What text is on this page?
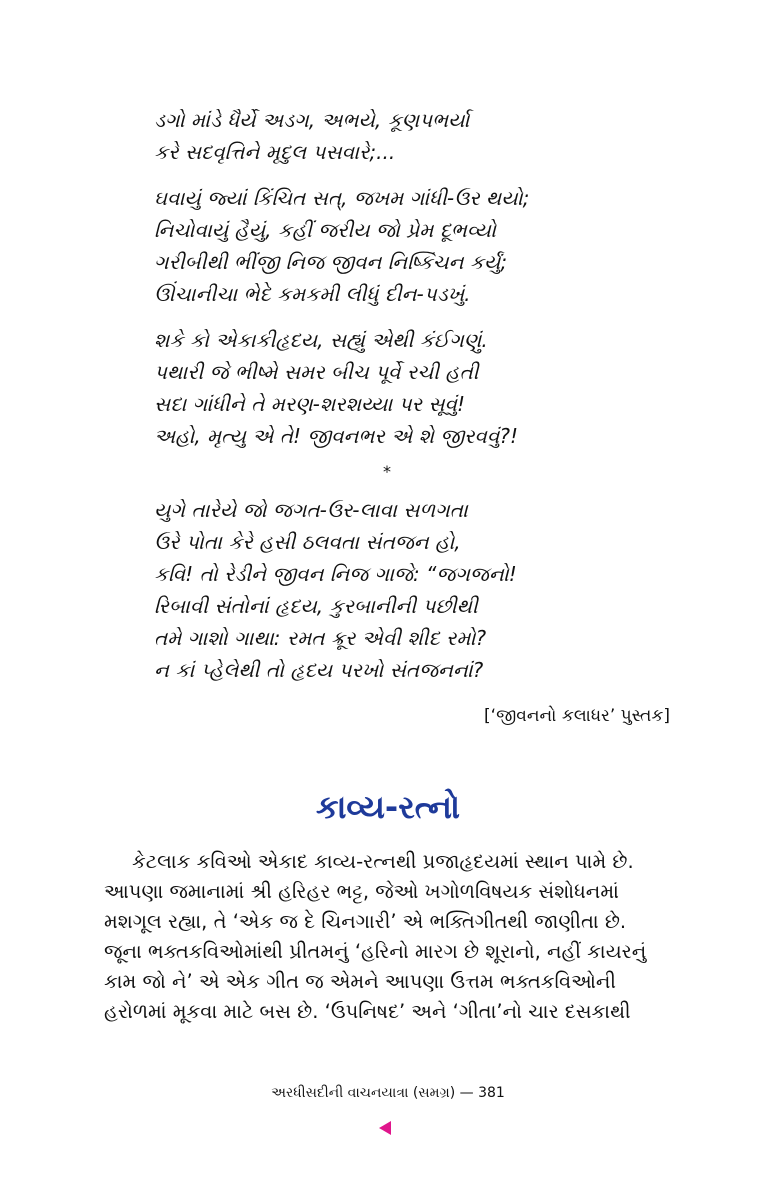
ડગો માંડે ધૈર્યે અડગ, અભયે, કૂણપભર્યા
કરે સદવૃત્તિને મૃદુલ પસવારે;...
ઘવાયું જ્યાં કિંચિત સત્, જખમ ગાંધી-ઉર થયો;
નિચોવાયું હૈયું, કહીં જરીય જો પ્રેમ દૂભવ્યો
ગરીબીથી ભીંજી નિજ જીવન નિષ્કિંચન કર્યું;
ઊંચાનીચા ભેદે કમકમી લીધું દીન-પડખું.
શકે કો એકાકીહૃદય, સહ્યું એથી કંઈગણું.
પથારી જે ભીષ્મે સમર બીચ પૂર્વે રચી હતી
સદા ગાંધીને તે મરણ-શરશય્યા પર સૂવું!
અહો, મૃત્યુ એ તે! જીવનભર એ શે જીરવવું?!
*
યુગે તારેયે જો જગત-ઉર-લાવા સળગતા
ઉરે પોતા કેરે હસી ઠલવતા સંતજન હો,
કવિ! તો રેડીને જીવન નિજ ગાજે: “જગજનો!
રિબાવી સંતોનાં હૃદય, કુરબાનીની પછીથી
તમે ગાશો ગાથા: રમત ક્રૂર એવી શીદ રમો?
ન કાં પ્હેલેથી તો હૃદય પરખો સંતજનનાં?
[‘જીવનનો કલાધર’ પુસ્તક]
કાવ્ય-રત્નો
કેટલાક કવિઓ એકાદ કાવ્ય-રત્નથી પ્રજાહૃદયમાં સ્થાન પામે છે.
આપણા જમાનામાં શ્રી હરિહર ભટ્ટ, જેઓ ખગોળવિષયક સંશોધનમાં
મશગૂલ રહ્યા, તે ‘એક જ દે ચિનગારી’ એ ભક્તિગીતથી જાણીતા છે.
જૂના ભક્તકવિઓમાંથી પ્રીતમનું ‘હરિનો મારગ છે શૂરાનો, નહીં કાયરનું
કામ જો ને’ એ એક ગીત જ એમને આપણા ઉત્તમ ભક્તકવિઓની
હરોળમાં મૂકવા માટે બસ છે. ‘ઉપનિષદ’ અને ‘ગીતા’નો ચાર દસકાથી
અરધીસદીની વાચનયાત્રા (સમગ્ર) — 381
